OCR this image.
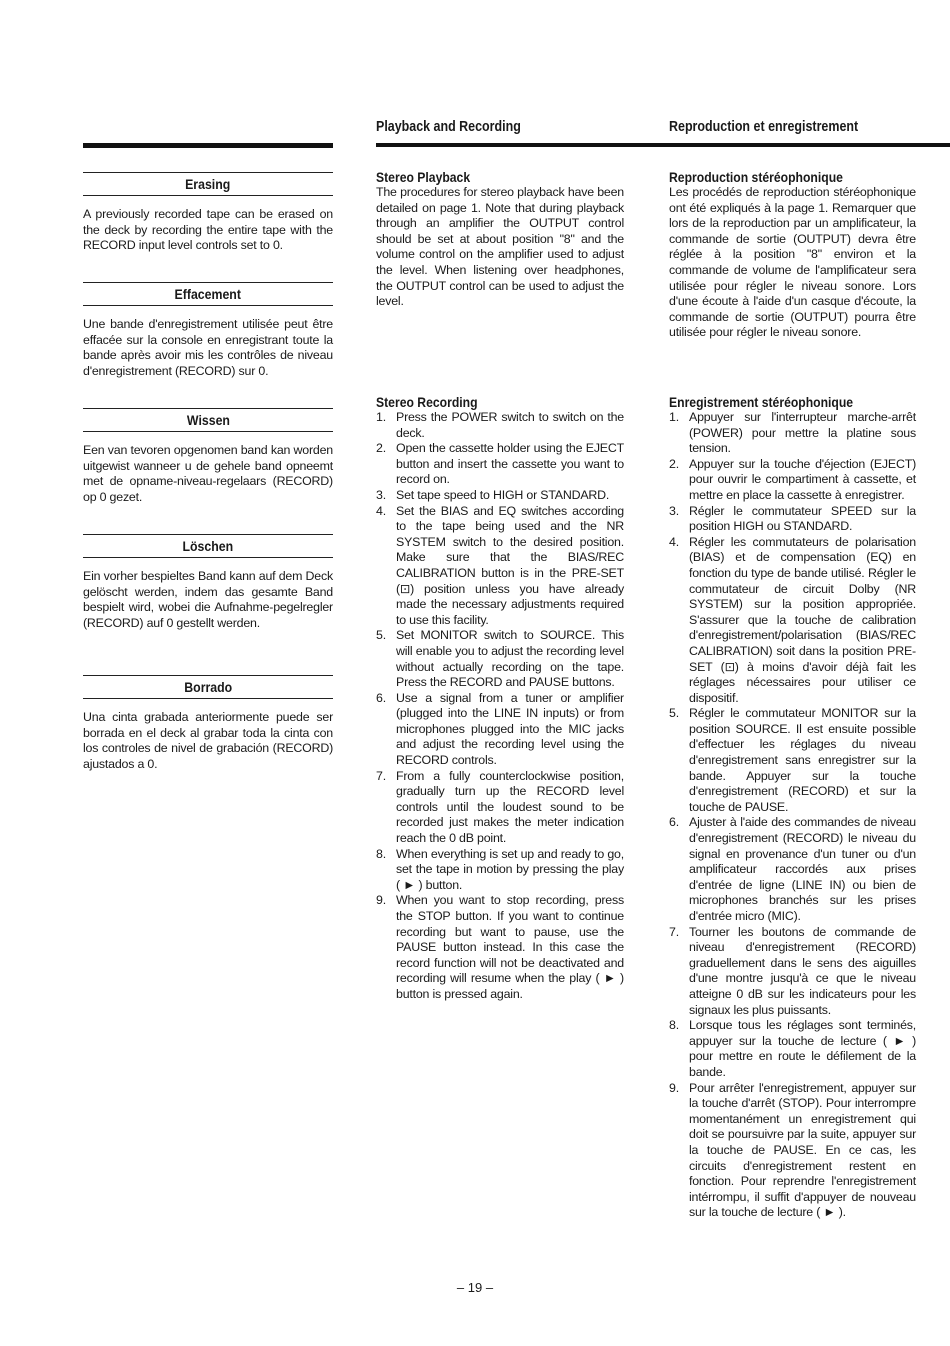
Playback and Recording	Reproduction et enregistrement
Erasing
A previously recorded tape can be erased on the deck by recording the entire tape with the RECORD input level controls set to 0.
Effacement
Une bande d'enregistrement utilisée peut être effacée sur la console en enregistrant toute la bande après avoir mis les contrôles de niveau d'enregistrement (RECORD) sur 0.
Wissen
Een van tevoren opgenomen band kan worden uitgewist wanneer u de gehele band opneemt met de opname-niveau-regelaars (RECORD) op 0 gezet.
Löschen
Ein vorher bespieltes Band kann auf dem Deck gelöscht werden, indem das gesamte Band bespielt wird, wobei die Aufnahme-pegelregler (RECORD) auf 0 gestellt werden.
Borrado
Una cinta grabada anteriormente puede ser borrada en el deck al grabar toda la cinta con los controles de nivel de grabación (RECORD) ajustados a 0.
Stereo Playback
The procedures for stereo playback have been detailed on page 1. Note that during playback through an amplifier the OUTPUT control should be set at about position "8" and the volume control on the amplifier used to adjust the level. When listening over headphones, the OUTPUT control can be used to adjust the level.
Stereo Recording
1. Press the POWER switch to switch on the deck.
2. Open the cassette holder using the EJECT button and insert the cassette you want to record on.
3. Set tape speed to HIGH or STANDARD.
4. Set the BIAS and EQ switches according to the tape being used and the NR SYSTEM switch to the desired position. Make sure that the BIAS/REC CALIBRATION button is in the PRE-SET (⊡) position unless you have already made the necessary adjustments required to use this facility.
5. Set MONITOR switch to SOURCE. This will enable you to adjust the recording level without actually recording on the tape. Press the RECORD and PAUSE buttons.
6. Use a signal from a tuner or amplifier (plugged into the LINE IN inputs) or from microphones plugged into the MIC jacks and adjust the recording level using the RECORD controls.
7. From a fully counterclockwise position, gradually turn up the RECORD level controls until the loudest sound to be recorded just makes the meter indication reach the 0 dB point.
8. When everything is set up and ready to go, set the tape in motion by pressing the play ( ► ) button.
9. When you want to stop recording, press the STOP button. If you want to continue recording but want to pause, use the PAUSE button instead. In this case the record function will not be deactivated and recording will resume when the play ( ► ) button is pressed again.
Reproduction stéréophonique
Les procédés de reproduction stéréophonique ont été expliqués à la page 1. Remarquer que lors de la reproduction par un amplificateur, la commande de sortie (OUTPUT) devra être réglée à la position "8" environ et la commande de volume de l'amplificateur sera utilisée pour régler le niveau sonore. Lors d'une écoute à l'aide d'un casque d'écoute, la commande de sortie (OUTPUT) pourra être utilisée pour régler le niveau sonore.
Enregistrement stéréophonique
1. Appuyer sur l'interrupteur marche-arrêt (POWER) pour mettre la platine sous tension.
2. Appuyer sur la touche d'éjection (EJECT) pour ouvrir le compartiment à cassette, et mettre en place la cassette à enregistrer.
3. Régler le commutateur SPEED sur la position HIGH ou STANDARD.
4. Régler les commutateurs de polarisation (BIAS) et de compensation (EQ) en fonction du type de bande utilisé. Régler le commutateur de circuit Dolby (NR SYSTEM) sur la position appropriée. S'assurer que la touche de calibration d'enregistrement/polarisation (BIAS/REC CALIBRATION) soit dans la position PRE-SET (⊡) à moins d'avoir déjà fait les réglages nécessaires pour utiliser ce dispositif.
5. Régler le commutateur MONITOR sur la position SOURCE. Il est ensuite possible d'effectuer les réglages du niveau d'enregistrement sans enregistrer sur la bande. Appuyer sur la touche d'enregistrement (RECORD) et sur la touche de PAUSE.
6. Ajuster à l'aide des commandes de niveau d'enregistrement (RECORD) le niveau du signal en provenance d'un tuner ou d'un amplificateur raccordés aux prises d'entrée de ligne (LINE IN) ou bien de microphones branchés sur les prises d'entrée micro (MIC).
7. Tourner les boutons de commande de niveau d'enregistrement (RECORD) graduellement dans le sens des aiguilles d'une montre jusqu'à ce que le niveau atteigne 0 dB sur les indicateurs pour les signaux les plus puissants.
8. Lorsque tous les réglages sont terminés, appuyer sur la touche de lecture ( ► ) pour mettre en route le défilement de la bande.
9. Pour arrêter l'enregistrement, appuyer sur la touche d'arrêt (STOP). Pour interrompre momentanément un enregistrement qui doit se poursuivre par la suite, appuyer sur la touche de PAUSE. En ce cas, les circuits d'enregistrement restent en fonction. Pour reprendre l'enregistrement intérrompu, il suffit d'appuyer de nouveau sur la touche de lecture ( ► ).
– 19 –
